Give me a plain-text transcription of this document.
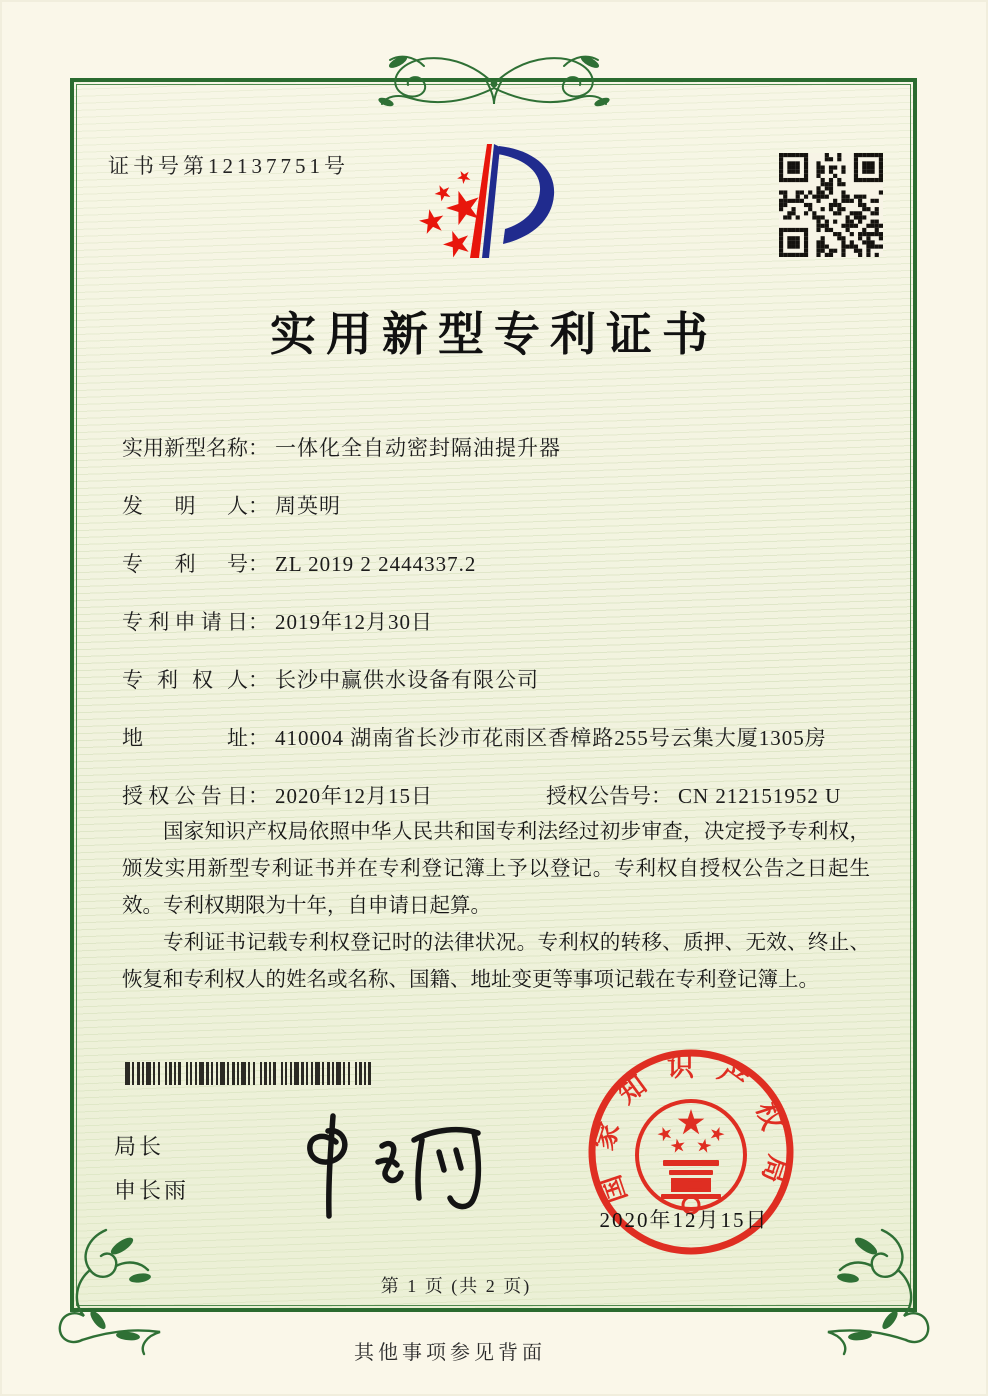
证书号第12137751号
实用新型专利证书
实用新型名称： 一体化全自动密封隔油提升器
发明人： 周英明
专利号： ZL 2019 2 2444337.2
专利申请日： 2019年12月30日
专利权人： 长沙中赢供水设备有限公司
地址： 410004 湖南省长沙市花雨区香樟路255号云集大厦1305房
授权公告日： 2020年12月15日	授权公告号： CN 212151952 U

国家知识产权局依照中华人民共和国专利法经过初步审查，决定授予专利权，颁发实用新型专利证书并在专利登记簿上予以登记。专利权自授权公告之日起生效。专利权期限为十年，自申请日起算。

专利证书记载专利权登记时的法律状况。专利权的转移、质押、无效、终止、恢复和专利权人的姓名或名称、国籍、地址变更等事项记载在专利登记簿上。

局长
申长雨	国家知识产权局
2020年12月15日
第 1 页 (共 2 页)
其他事项参见背面
